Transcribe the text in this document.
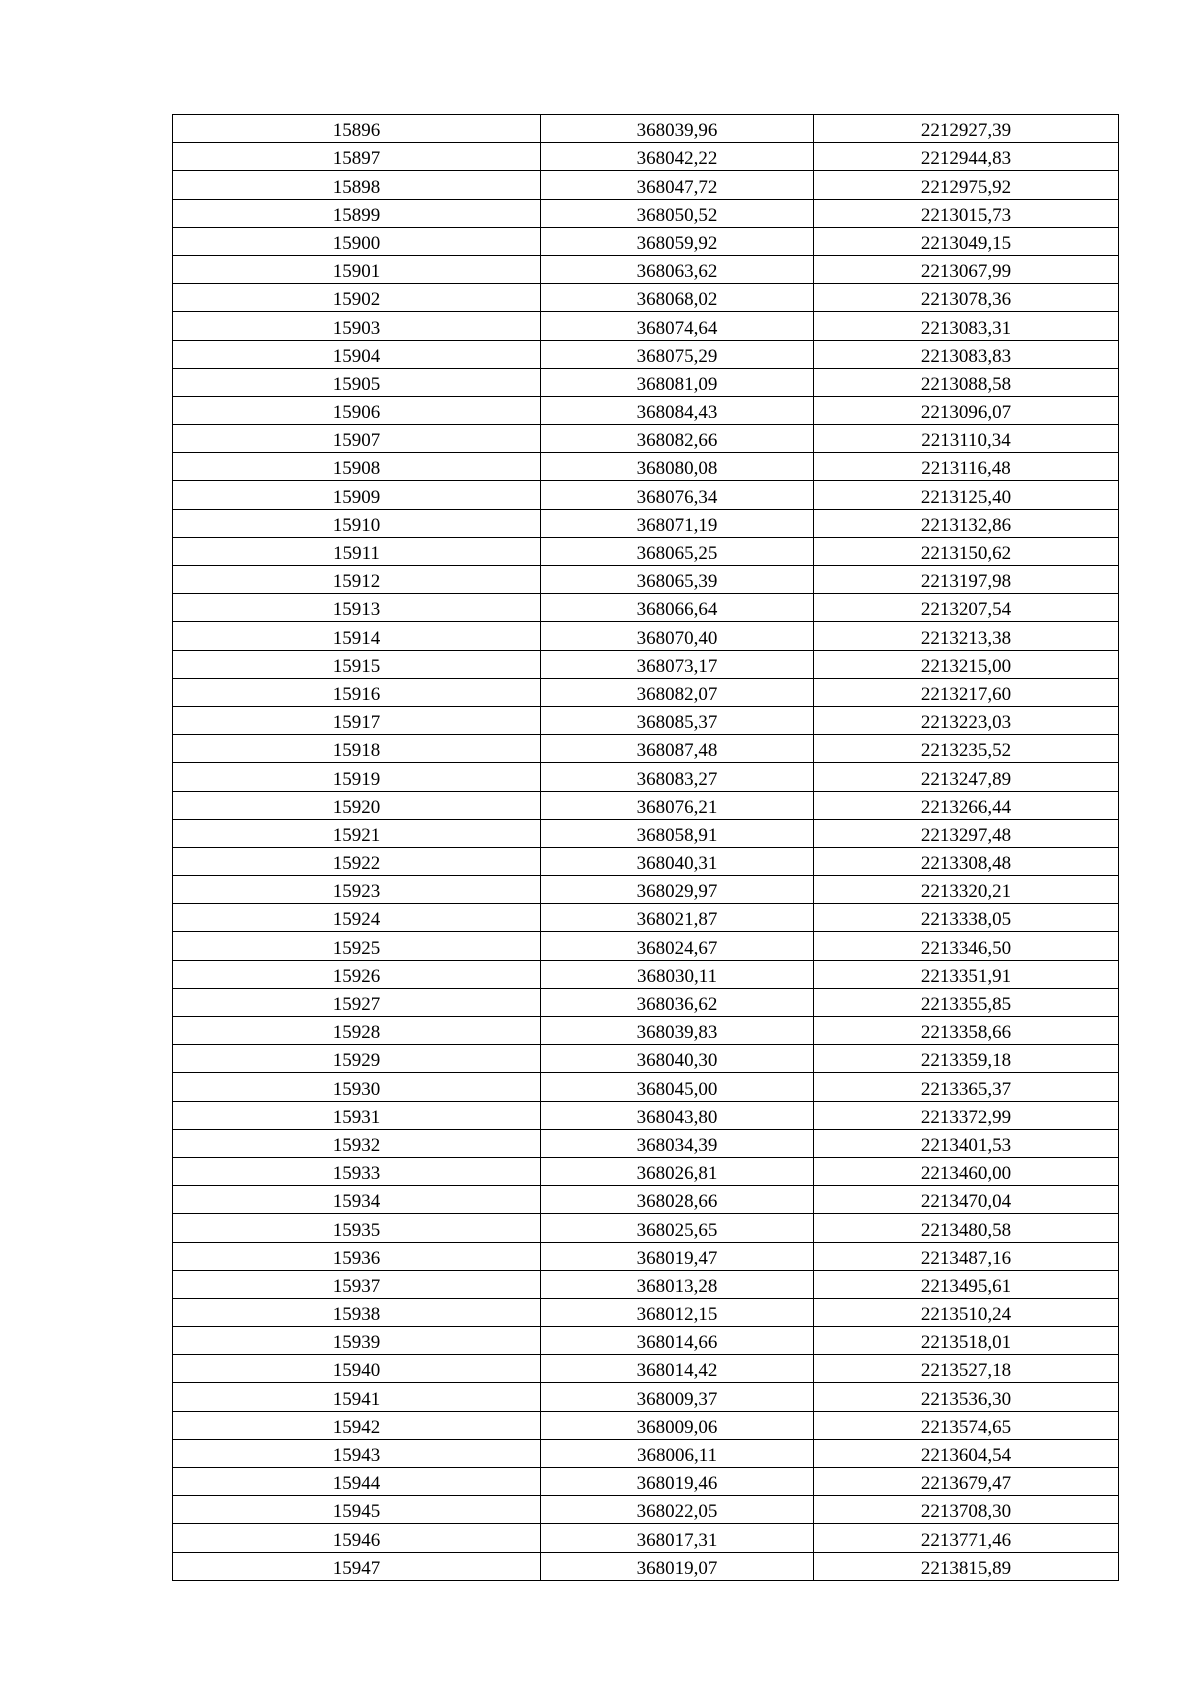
15896	368039,96	2212927,39
15897	368042,22	2212944,83
15898	368047,72	2212975,92
15899	368050,52	2213015,73
15900	368059,92	2213049,15
15901	368063,62	2213067,99
15902	368068,02	2213078,36
15903	368074,64	2213083,31
15904	368075,29	2213083,83
15905	368081,09	2213088,58
15906	368084,43	2213096,07
15907	368082,66	2213110,34
15908	368080,08	2213116,48
15909	368076,34	2213125,40
15910	368071,19	2213132,86
15911	368065,25	2213150,62
15912	368065,39	2213197,98
15913	368066,64	2213207,54
15914	368070,40	2213213,38
15915	368073,17	2213215,00
15916	368082,07	2213217,60
15917	368085,37	2213223,03
15918	368087,48	2213235,52
15919	368083,27	2213247,89
15920	368076,21	2213266,44
15921	368058,91	2213297,48
15922	368040,31	2213308,48
15923	368029,97	2213320,21
15924	368021,87	2213338,05
15925	368024,67	2213346,50
15926	368030,11	2213351,91
15927	368036,62	2213355,85
15928	368039,83	2213358,66
15929	368040,30	2213359,18
15930	368045,00	2213365,37
15931	368043,80	2213372,99
15932	368034,39	2213401,53
15933	368026,81	2213460,00
15934	368028,66	2213470,04
15935	368025,65	2213480,58
15936	368019,47	2213487,16
15937	368013,28	2213495,61
15938	368012,15	2213510,24
15939	368014,66	2213518,01
15940	368014,42	2213527,18
15941	368009,37	2213536,30
15942	368009,06	2213574,65
15943	368006,11	2213604,54
15944	368019,46	2213679,47
15945	368022,05	2213708,30
15946	368017,31	2213771,46
15947	368019,07	2213815,89
